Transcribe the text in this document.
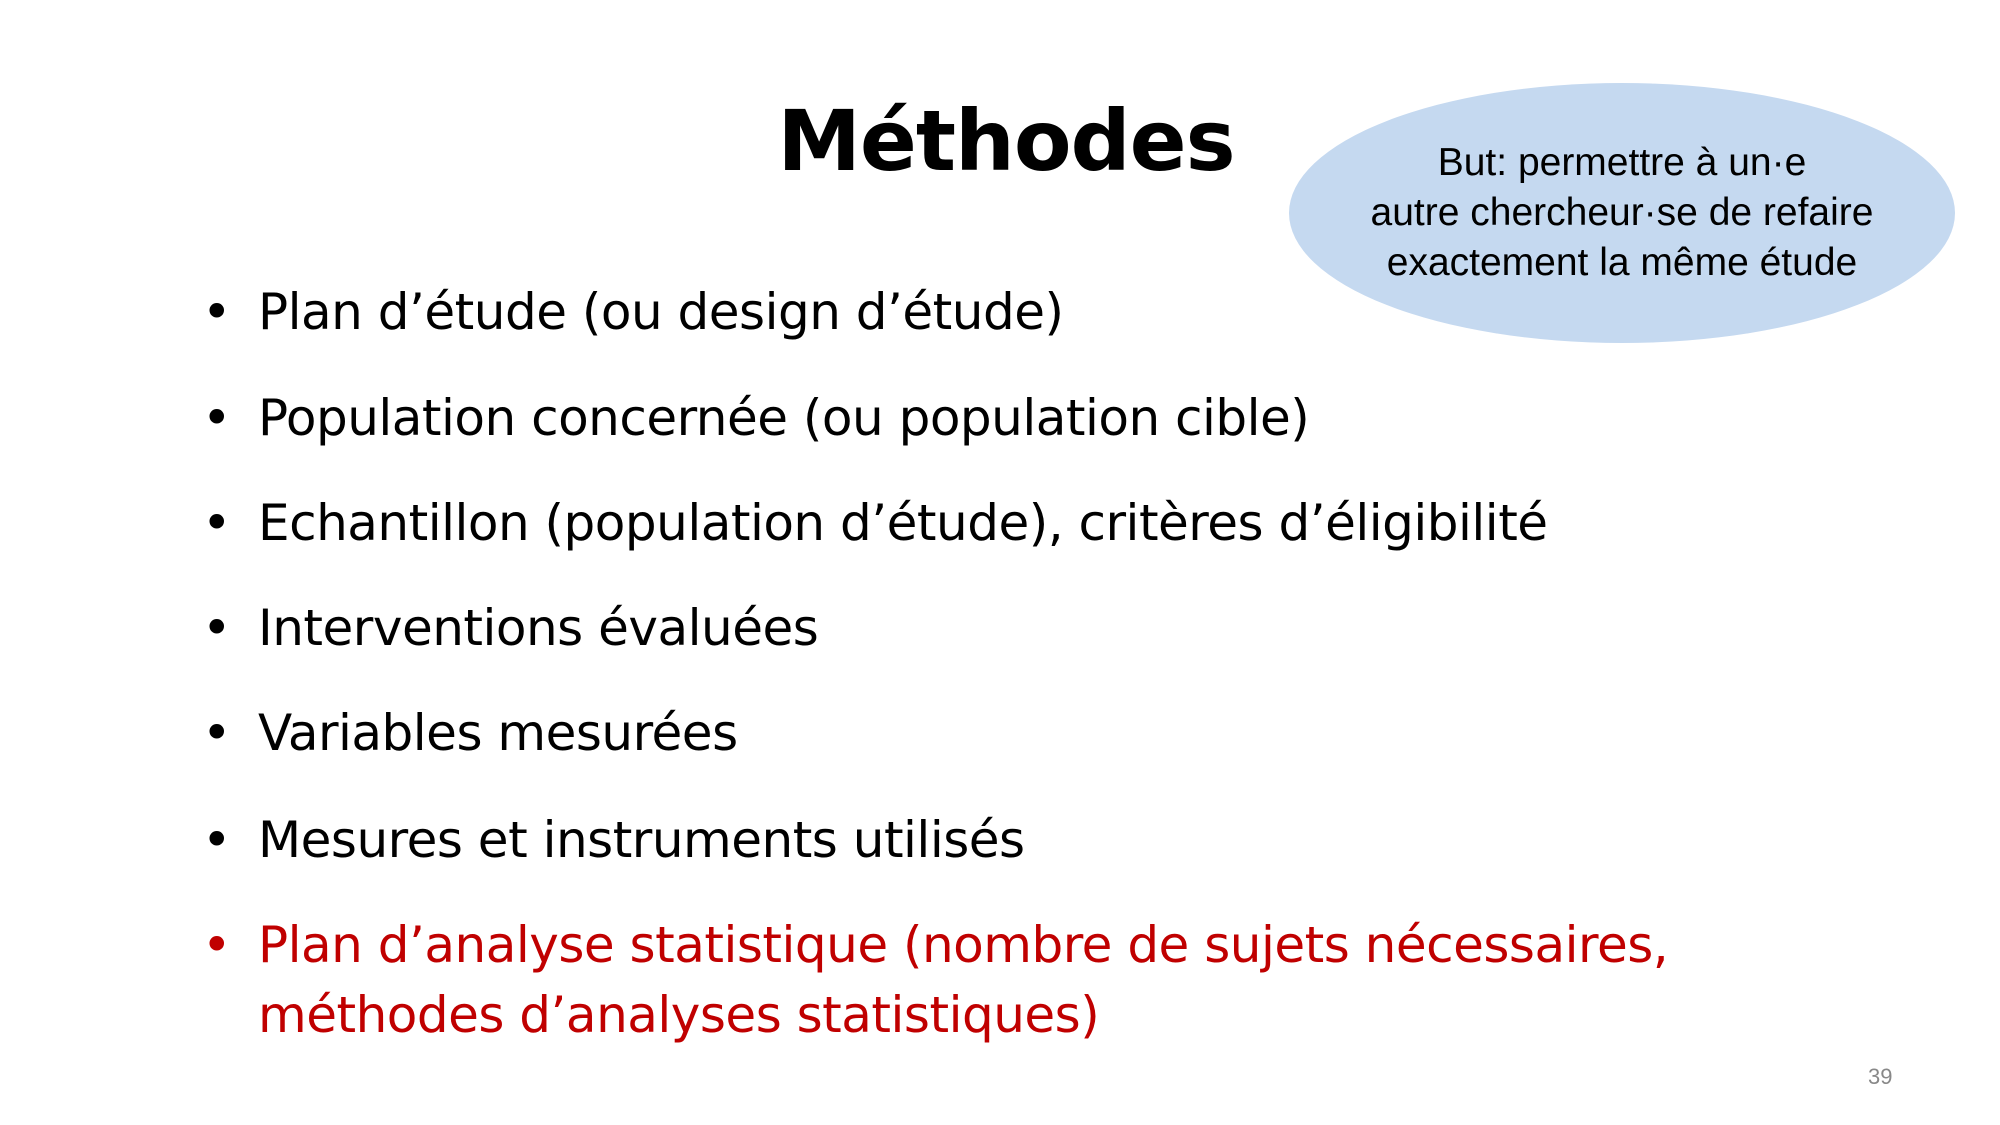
Méthodes	But: permettre à un·e
autre chercheur·se de refaire
exactement la même étude
• Plan d’étude (ou design d’étude)
• Population concernée (ou population cible)
• Echantillon (population d’étude), critères d’éligibilité
• Interventions évaluées
• Variables mesurées
• Mesures et instruments utilisés
• Plan d’analyse statistique (nombre de sujets nécessaires, méthodes d’analyses statistiques)
39
